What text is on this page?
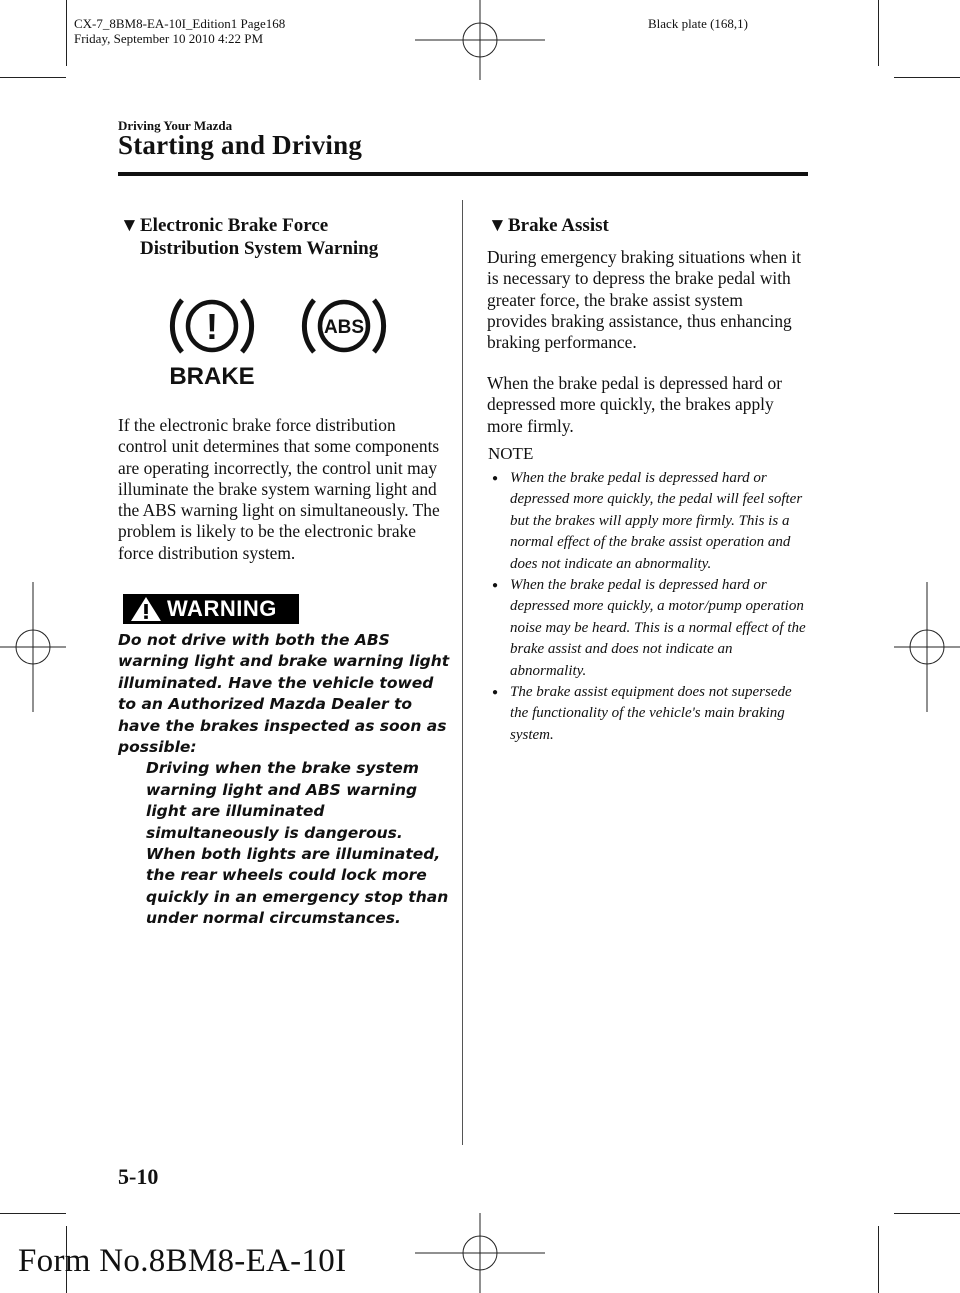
CX-7_8BM8-EA-10I_Edition1 Page168
Friday, September 10 2010 4:22 PM
Black plate (168,1)
Driving Your Mazda
Starting and Driving
▼Electronic Brake Force
Distribution System Warning
!
BRAKE
ABS

If the electronic brake force distribution control unit determines that some components are operating incorrectly, the control unit may illuminate the brake system warning light and the ABS warning light on simultaneously. The problem is likely to be the electronic brake force distribution system.

WARNING

Do not drive with both the ABS warning light and brake warning light illuminated. Have the vehicle towed to an Authorized Mazda Dealer to have the brakes inspected as soon as possible:

Driving when the brake system warning light and ABS warning light are illuminated simultaneously is dangerous.

When both lights are illuminated, the rear wheels could lock more quickly in an emergency stop than under normal circumstances.

▼Brake Assist

During emergency braking situations when it is necessary to depress the brake pedal with greater force, the brake assist system provides braking assistance, thus enhancing braking performance.

When the brake pedal is depressed hard or depressed more quickly, the brakes apply more firmly.

NOTE
● When the brake pedal is depressed hard or depressed more quickly, the pedal will feel softer but the brakes will apply more firmly. This is a normal effect of the brake assist operation and does not indicate an abnormality.
● When the brake pedal is depressed hard or depressed more quickly, a motor/pump operation noise may be heard. This is a normal effect of the brake assist and does not indicate an abnormality.
● The brake assist equipment does not supersede the functionality of the vehicle's main braking system.
5-10
Form No.8BM8-EA-10I
